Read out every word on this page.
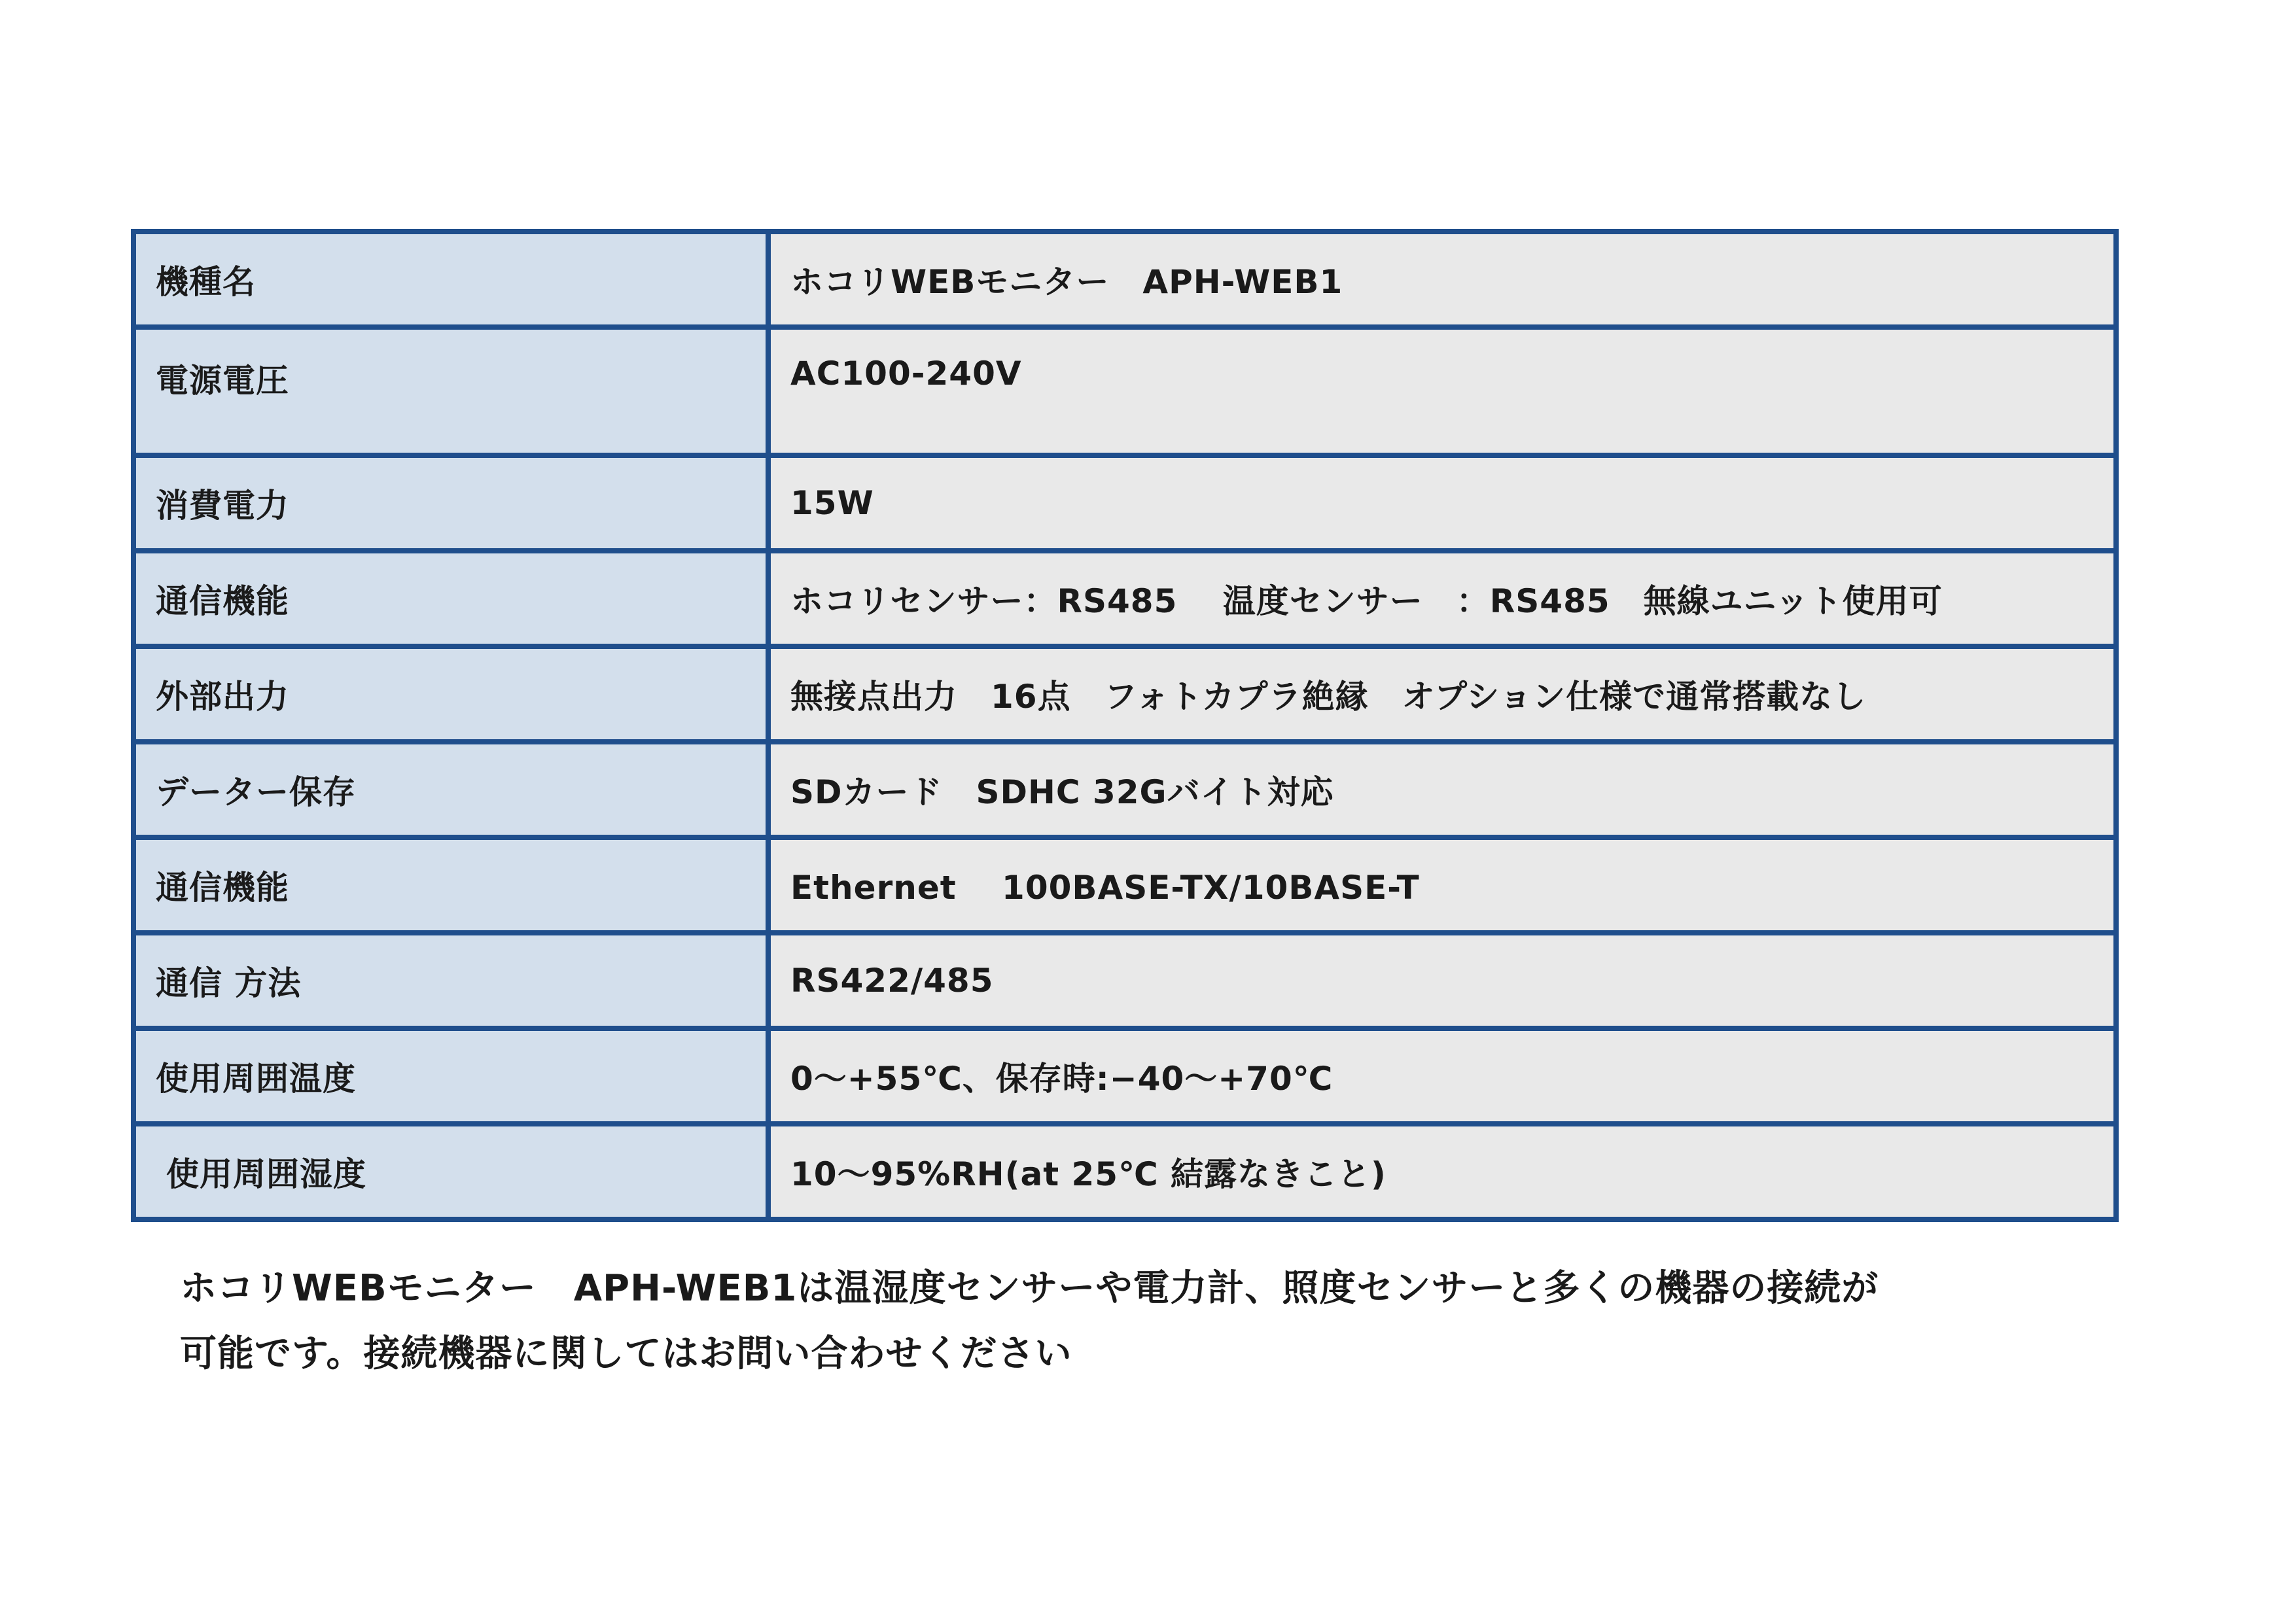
機種名	ホコリWEBモニター　APH-WEB1
電源電圧	AC100-240V
消費電力	15W
通信機能	ホコリセンサー：RS485　 温度センサー　：RS485　無線ユニット使用可
外部出力	無接点出力　16点　フォトカプラ絶縁　オプション仕様で通常搭載なし
データー保存	SDカード　SDHC 32Gバイト対応
通信機能	Ethernet　 100BASE-TX/10BASE-T
通信 方法	RS422/485
使用周囲温度	0～+55℃、保存時:−40～+70℃
使用周囲湿度	10～95%RH(at 25℃ 結露なきこと)

ホコリWEBモニター　APH-WEB1は温湿度センサーや電力計、照度センサーと多くの機器の接続が

可能です。接続機器に関してはお問い合わせください
